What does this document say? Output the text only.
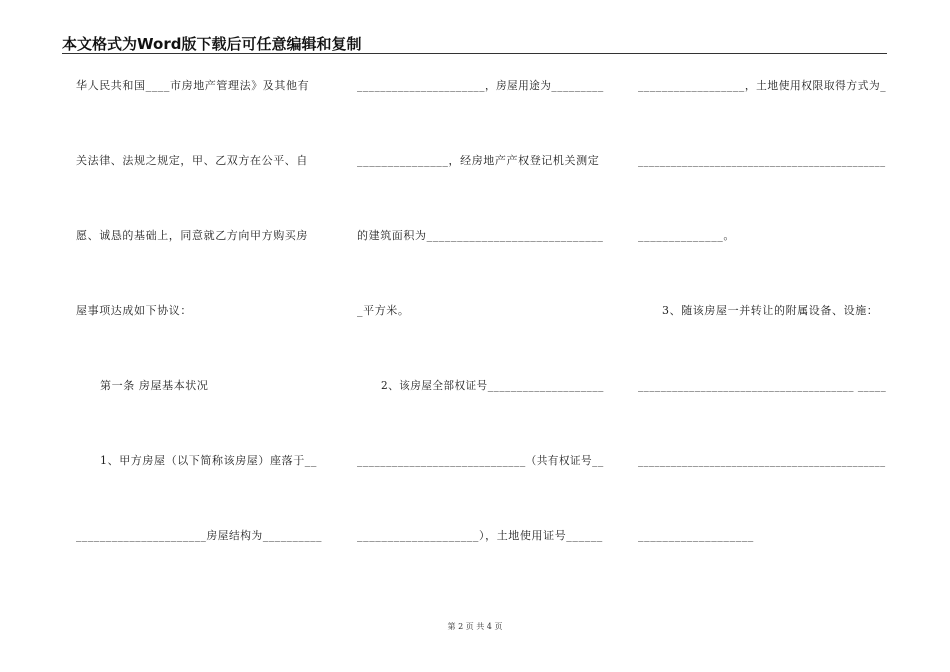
本文格式为Word版下载后可任意编辑和复制
华人民共和国____市房地产管理法》及其他有
关法律、法规之规定，甲、乙双方在公平、自
愿、诚恳的基础上，同意就乙方向甲方购买房
屋事项达成如下协议：
第一条 房屋基本状况
1、甲方房屋（以下简称该房屋）座落于__
______________________房屋结构为__________
______________________，房屋用途为_________
_______________，经房地产产权登记机关测定
的建筑面积为_____________________________
_平方米。
2、该房屋全部权证号____________________
_____________________________（共有权证号__
____________________），土地使用证号______
__________________，土地使用权限取得方式为_
_____________________________________________
______________。
3、随该房屋一并转让的附属设备、设施：
______________________________________ _____
_____________________________________________
___________________
第 2 页 共 4 页
